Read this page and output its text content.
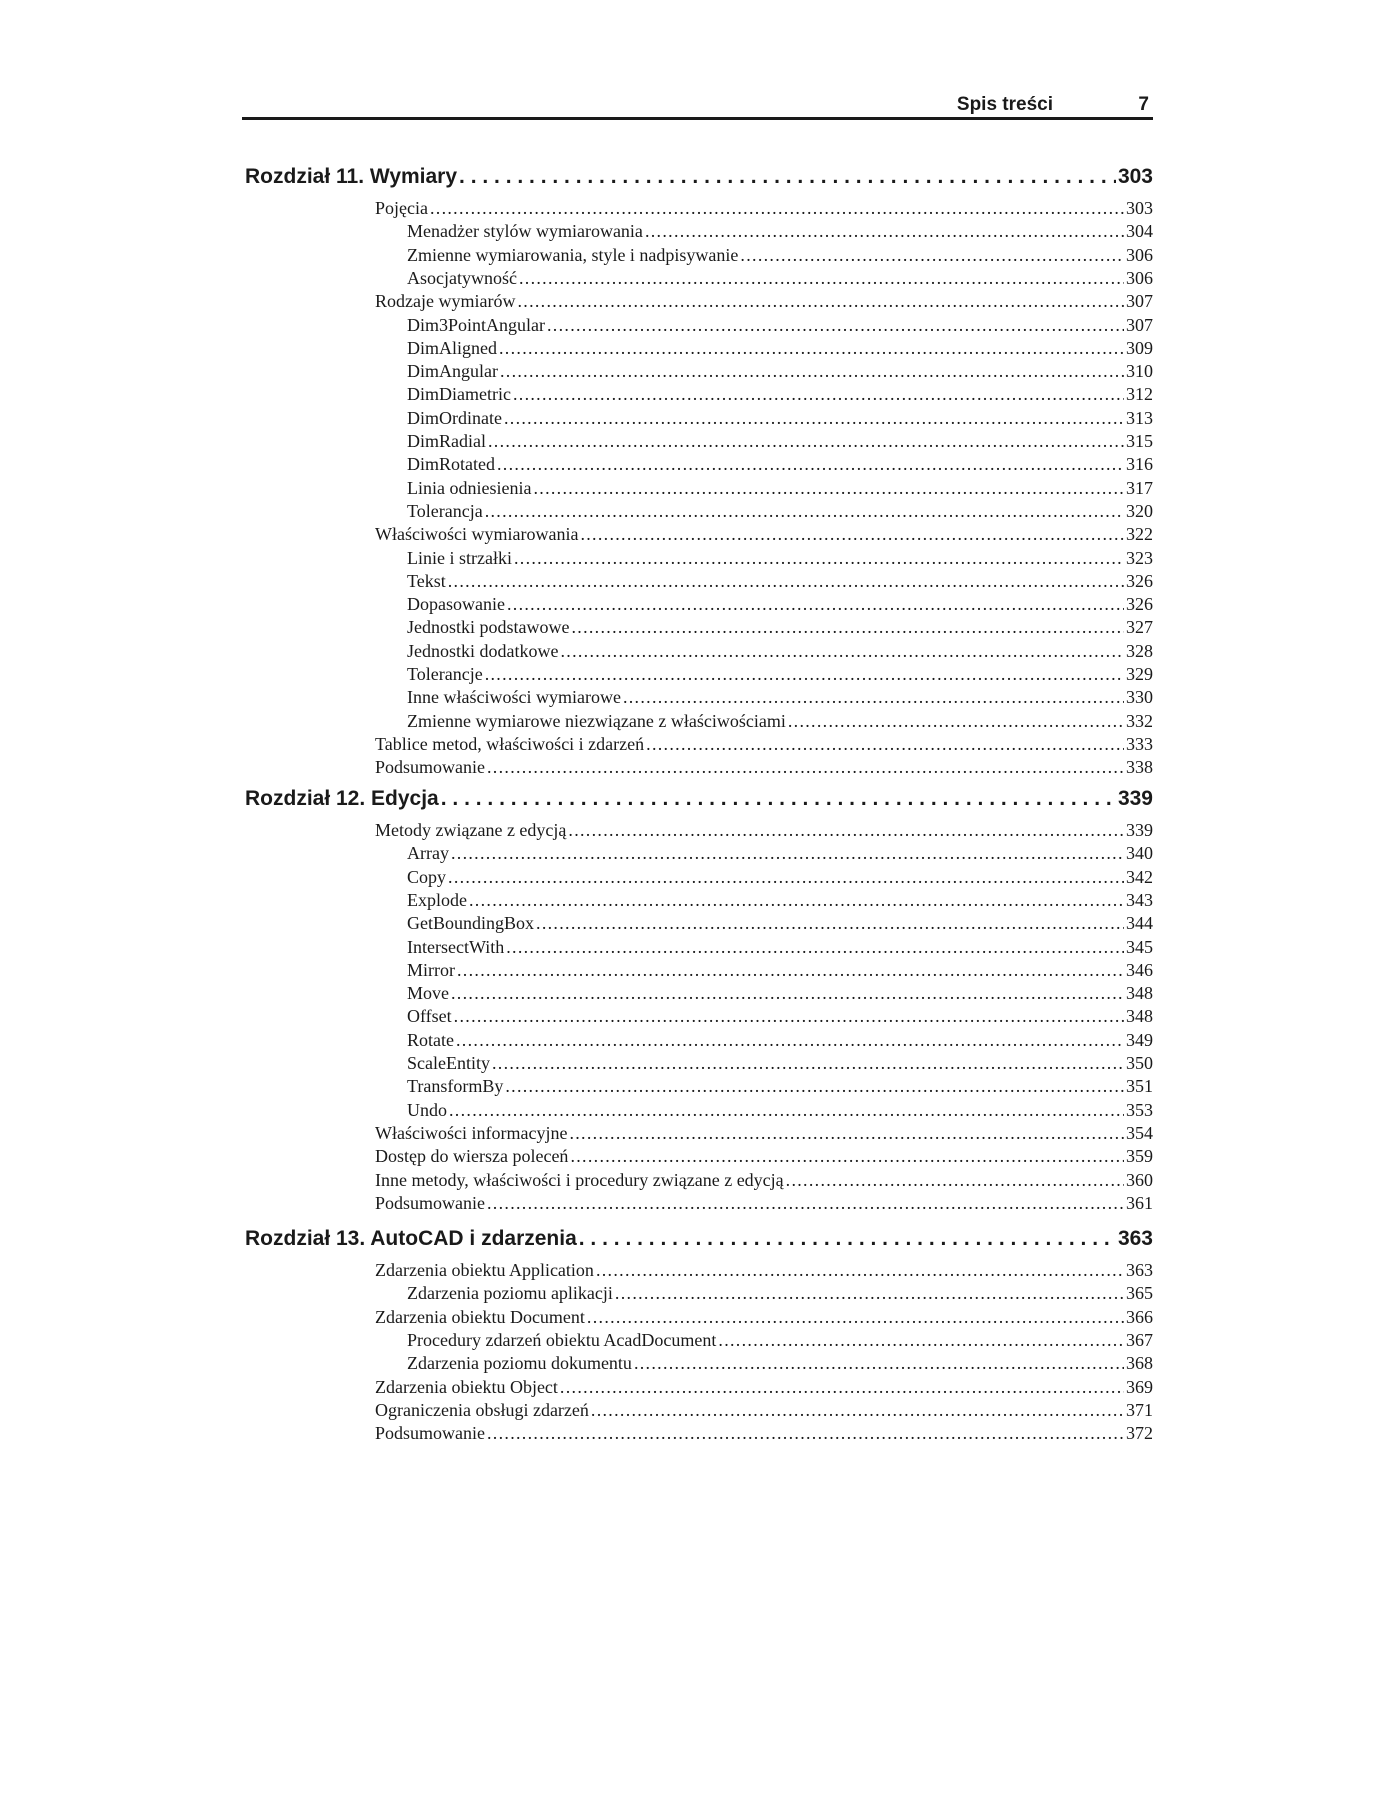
Spis treści	7
Rozdział 11. Wymiary . . .	303
Pojęcia . . .	303
Menadżer stylów wymiarowania . . .	304
Zmienne wymiarowania, style i nadpisywanie . . .	306
Asocjatywność . . .	306
Rodzaje wymiarów . . .	307
Dim3PointAngular . . .	307
DimAligned . . .	309
DimAngular . . .	310
DimDiametric . . .	312
DimOrdinate . . .	313
DimRadial . . .	315
DimRotated . . .	316
Linia odniesienia . . .	317
Tolerancja . . .	320
Właściwości wymiarowania . . .	322
Linie i strzałki . . .	323
Tekst . . .	326
Dopasowanie . . .	326
Jednostki podstawowe . . .	327
Jednostki dodatkowe . . .	328
Tolerancje . . .	329
Inne właściwości wymiarowe . . .	330
Zmienne wymiarowe niezwiązane z właściwościami . . .	332
Tablice metod, właściwości i zdarzeń . . .	333
Podsumowanie . . .	338
Rozdział 12. Edycja . . .	339
Metody związane z edycją . . .	339
Array . . .	340
Copy . . .	342
Explode . . .	343
GetBoundingBox . . .	344
IntersectWith . . .	345
Mirror . . .	346
Move . . .	348
Offset . . .	348
Rotate . . .	349
ScaleEntity . . .	350
TransformBy . . .	351
Undo . . .	353
Właściwości informacyjne . . .	354
Dostęp do wiersza poleceń . . .	359
Inne metody, właściwości i procedury związane z edycją . . .	360
Podsumowanie . . .	361
Rozdział 13. AutoCAD i zdarzenia . . .	363
Zdarzenia obiektu Application . . .	363
Zdarzenia poziomu aplikacji . . .	365
Zdarzenia obiektu Document . . .	366
Procedury zdarzeń obiektu AcadDocument . . .	367
Zdarzenia poziomu dokumentu . . .	368
Zdarzenia obiektu Object . . .	369
Ograniczenia obsługi zdarzeń . . .	371
Podsumowanie . . .	372
